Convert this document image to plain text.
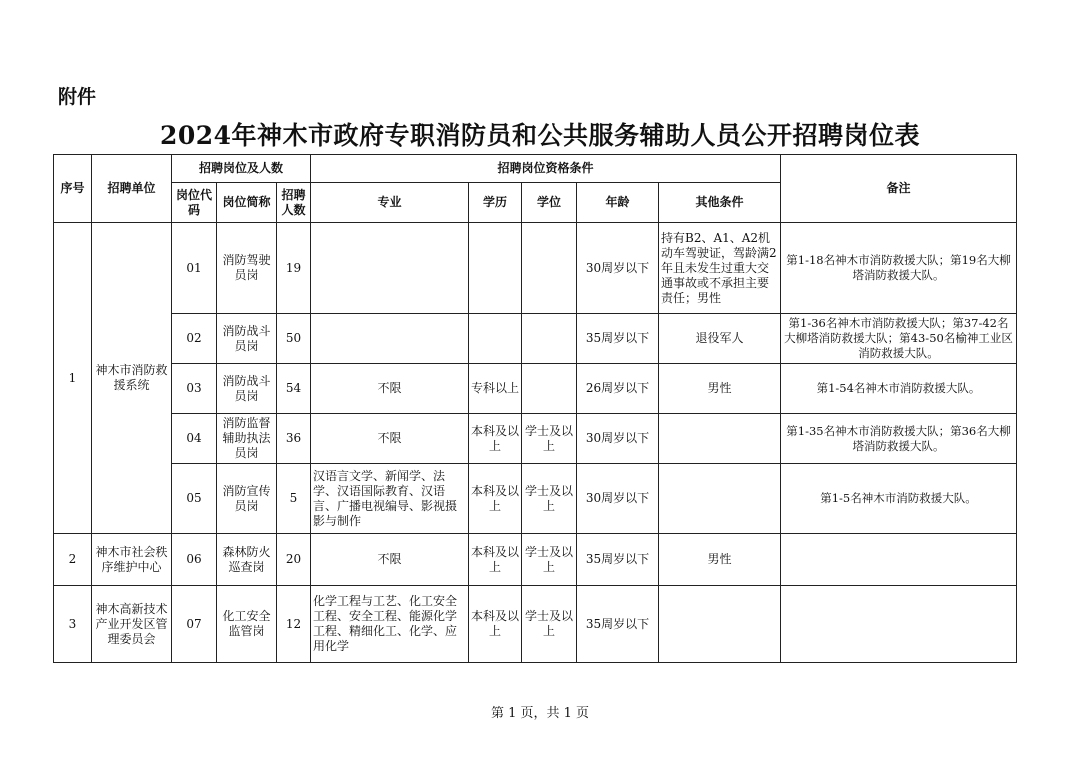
附件
2024年神木市政府专职消防员和公共服务辅助人员公开招聘岗位表
序号	招聘单位	招聘岗位及人数			招聘岗位资格条件					备注
		岗位代码	岗位简称	招聘人数	专业	学历	学位	年龄	其他条件	
1	神木市消防救援系统	01	消防驾驶员岗	19				30周岁以下	持有B2、A1、A2机动车驾驶证，驾龄满2年且未发生过重大交通事故或不承担主要责任；男性	第1-18名神木市消防救援大队；第19名大柳塔消防救援大队。
		02	消防战斗员岗	50				35周岁以下	退役军人	第1-36名神木市消防救援大队；第37-42名大柳塔消防救援大队；第43-50名榆神工业区消防救援大队。
		03	消防战斗员岗	54	不限	专科以上		26周岁以下	男性	第1-54名神木市消防救援大队。
		04	消防监督辅助执法员岗	36	不限	本科及以上	学士及以上	30周岁以下		第1-35名神木市消防救援大队；第36名大柳塔消防救援大队。
		05	消防宣传员岗	5	汉语言文学、新闻学、法学、汉语国际教育、汉语言、广播电视编导、影视摄影与制作	本科及以上	学士及以上	30周岁以下		第1-5名神木市消防救援大队。
2	神木市社会秩序维护中心	06	森林防火巡查岗	20	不限	本科及以上	学士及以上	35周岁以下	男性	
3	神木高新技术产业开发区管理委员会	07	化工安全监管岗	12	化学工程与工艺、化工安全工程、安全工程、能源化学工程、精细化工、化学、应用化学	本科及以上	学士及以上	35周岁以下		
第 1 页，共 1 页
